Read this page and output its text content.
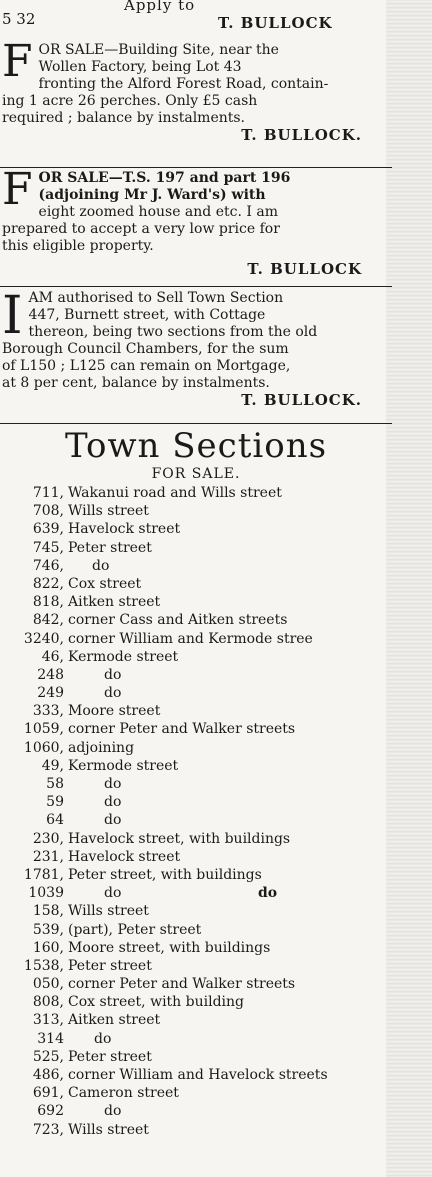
5 32
Apply to
T. BULLOCK
F OR SALE—Building Site, near the

Wollen Factory, being Lot 43

fronting the Alford Forest Road, contain-

ing 1 acre 26 perches. Only £5 cash

required ; balance by instalments.

T. BULLOCK.

F OR SALE—T.S. 197 and part 196

(adjoining Mr J. Ward's) with

eight zoomed house and etc. I am

prepared to accept a very low price for

this eligible property.

T. BULLOCK

I AM authorised to Sell Town Section

447, Burnett street, with Cottage

thereon, being two sections from the old

Borough Council Chambers, for the sum

of L150 ; L125 can remain on Mortgage,

at 8 per cent, balance by instalments.

T. BULLOCK.

Town Sections
FOR SALE.
711, Wakanui road and Wills street
708, Wills street
639, Havelock street
745, Peter street
746, do
822, Cox street
818, Aitken street
842, corner Cass and Aitken streets
3240, corner William and Kermode stree
46, Kermode street
248	do
249	do
333, Moore street
1059, corner Peter and Walker streets
1060, adjoining
49, Kermode street
58	do
59	do
64	do
230, Havelock street, with buildings
231, Havelock street
1781, Peter street, with buildings
1039	do	do
158, Wills street
539, (part), Peter street
160, Moore street, with buildings
1538, Peter street
050, corner Peter and Walker streets
808, Cox street, with building
313, Aitken street
314 do
525, Peter street
486, corner William and Havelock streets
691, Cameron street
692	do
723, Wills street
